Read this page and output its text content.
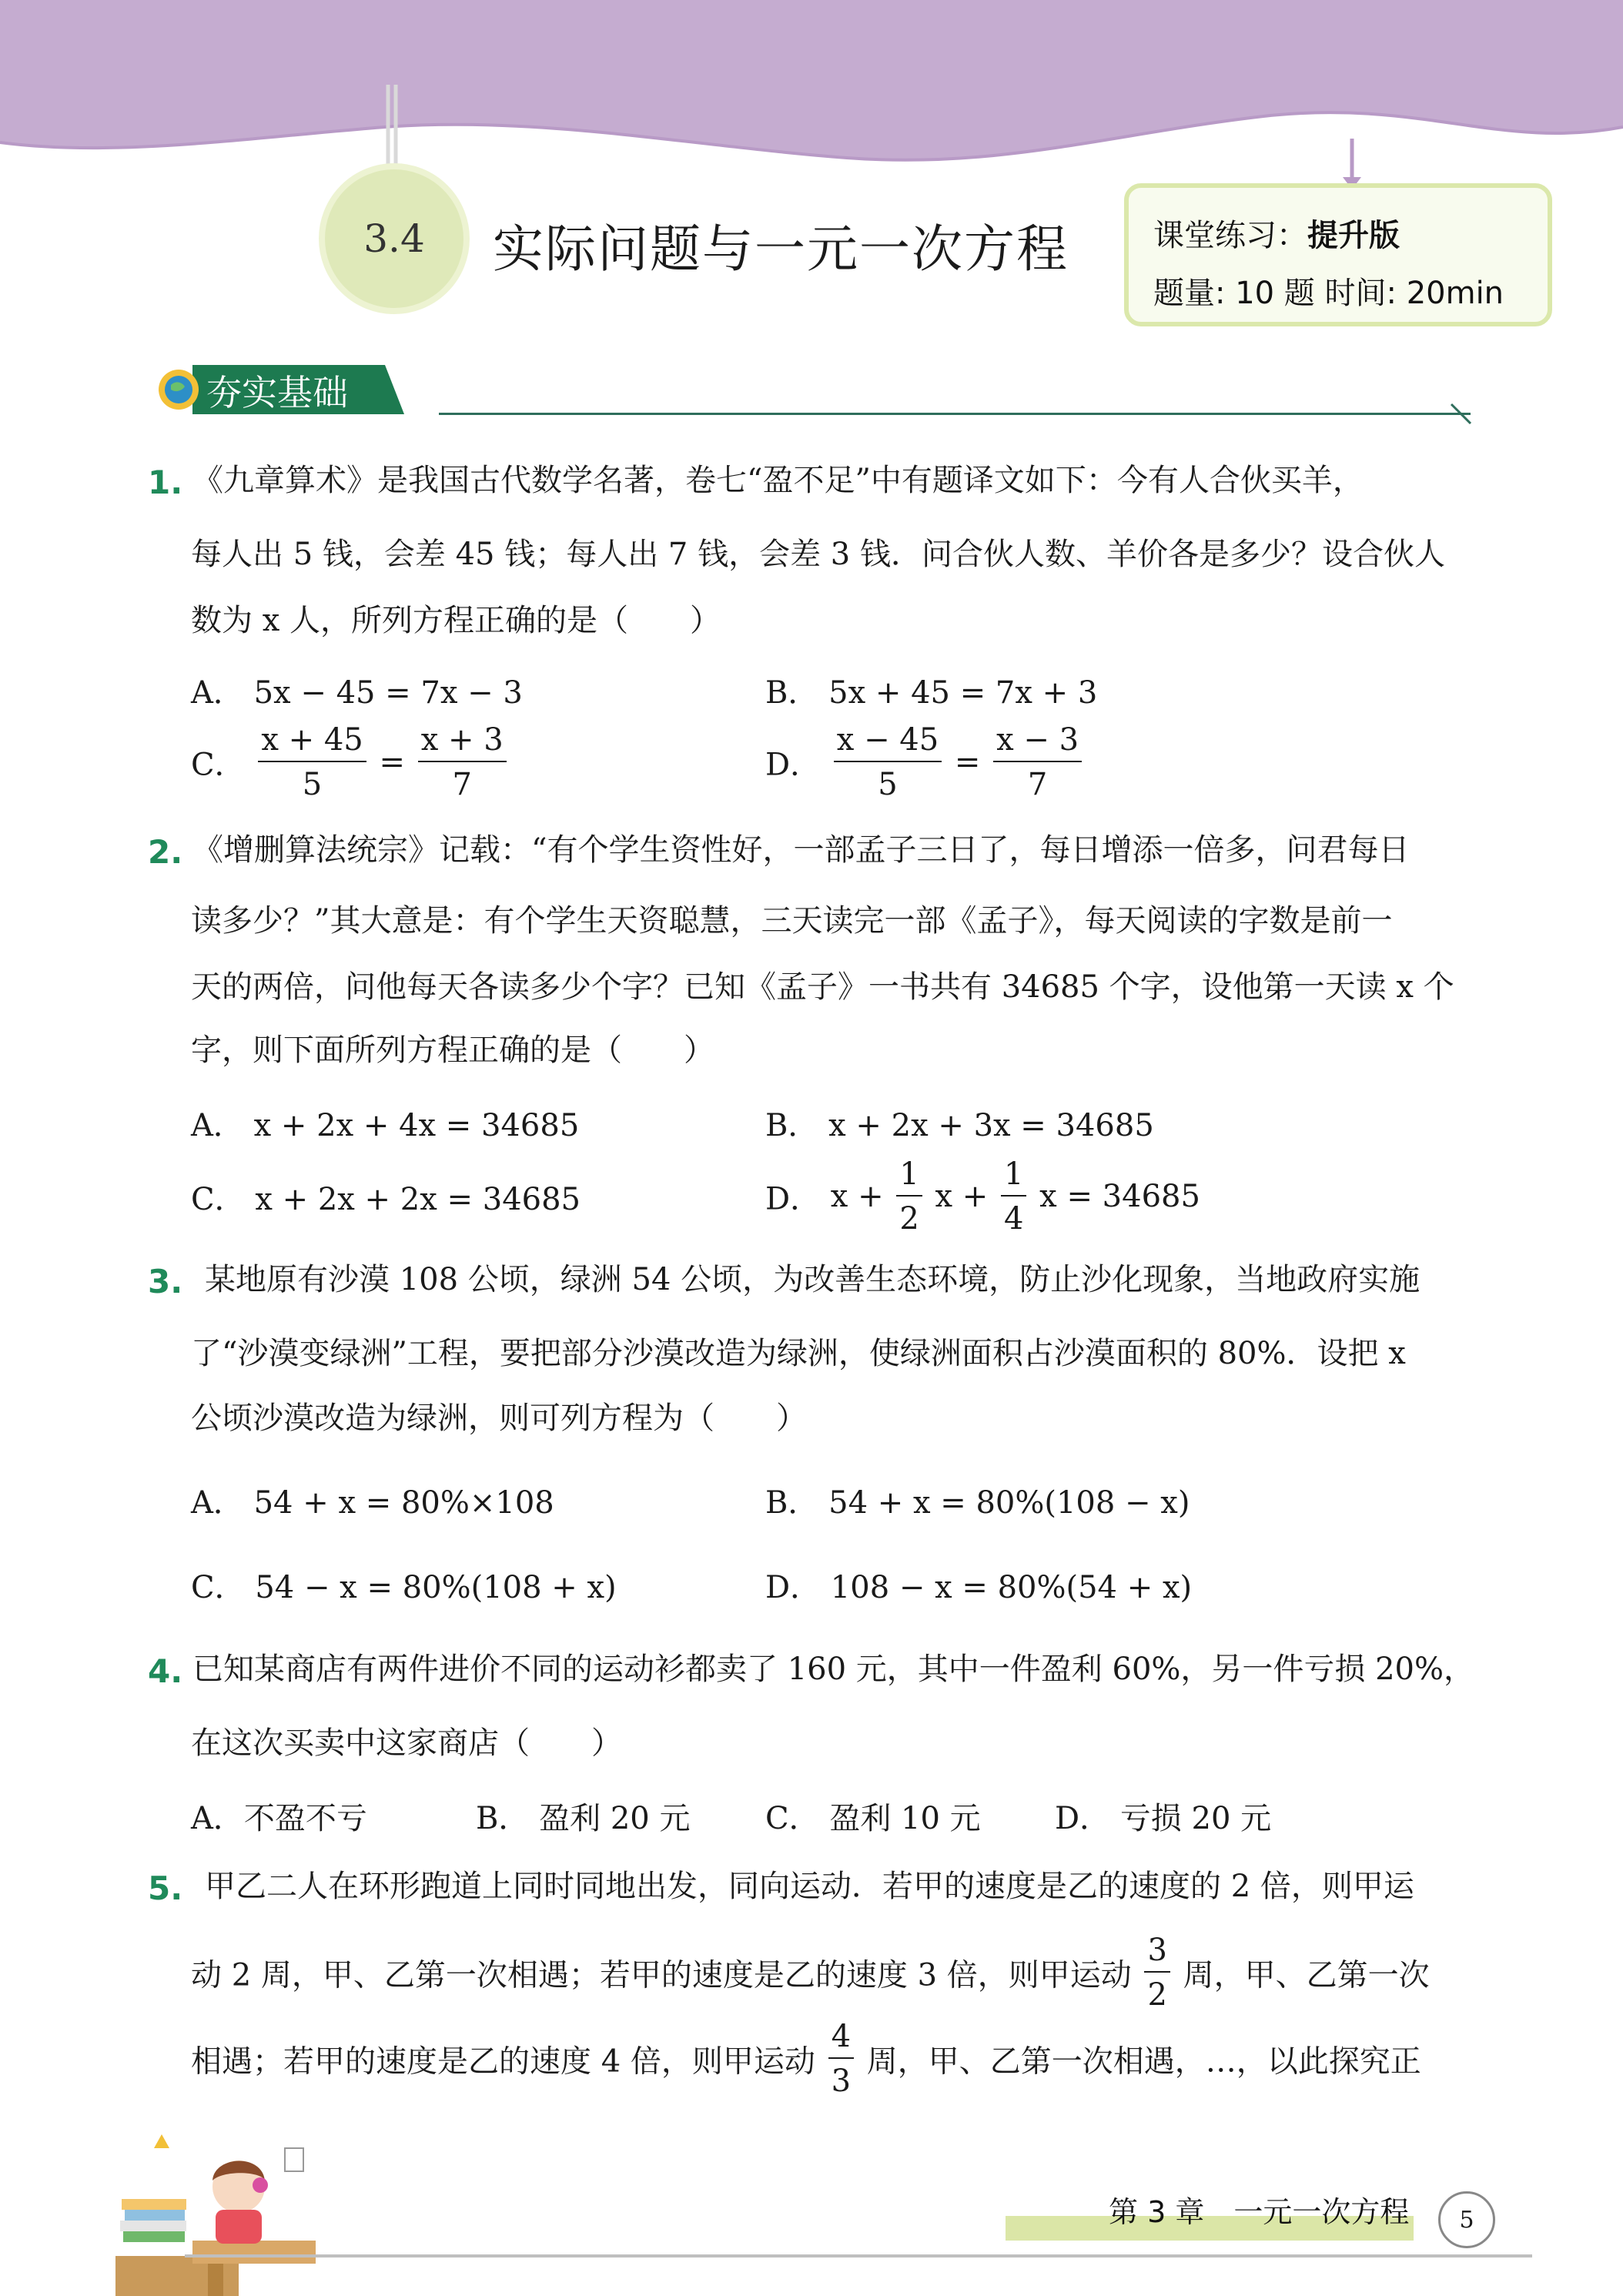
3.4 实际问题与一元一次方程	课堂练习：提升版
题量: 10 题 时间: 20min
夯实基础
1. 《九章算术》是我国古代数学名著，卷七“盈不足”中有题译文如下：今有人合伙买羊，
每人出 5 钱，会差 45 钱；每人出 7 钱，会差 3 钱．问合伙人数、羊价各是多少？设合伙人
数为 x 人，所列方程正确的是（　　）
A． 5x − 45 = 7x − 3	B． 5x + 45 = 7x + 3
C． $\frac{x + 45}{5} = \frac{x + 3}{7}$	D． $\frac{x - 45}{5} = \frac{x - 3}{7}$
2. 《增删算法统宗》记载：“有个学生资性好，一部孟子三日了，每日增添一倍多，问君每日
读多少？”其大意是：有个学生天资聪慧，三天读完一部《孟子》，每天阅读的字数是前一
天的两倍，问他每天各读多少个字？已知《孟子》一书共有 34685 个字，设他第一天读 x 个
字，则下面所列方程正确的是（　　）
A． x + 2x + 4x = 34685	B． x + 2x + 3x = 34685
C． x + 2x + 2x = 34685	D． $x + \frac{1}{2}$ $x + \frac{1}{4}$ x = 34685
3. 某地原有沙漠 108 公顷，绿洲 54 公顷，为改善生态环境，防止沙化现象，当地政府实施
了“沙漠变绿洲”工程，要把部分沙漠改造为绿洲，使绿洲面积占沙漠面积的 80%．设把 x
公顷沙漠改造为绿洲，则可列方程为（　　）
A． 54 + x = 80%×108	B． 54 + x = 80%(108 − x)
C． 54 − x = 80%(108 + x)	D． 108 − x = 80%(54 + x)
4. 已知某商店有两件进价不同的运动衫都卖了 160 元，其中一件盈利 60%，另一件亏损 20%，
在这次买卖中这家商店（　　）
A．不盈不亏	B． 盈利 20 元 C． 盈利 10 元 D． 亏损 20 元
5. 甲乙二人在环形跑道上同时同地出发，同向运动．若甲的速度是乙的速度的 2 倍，则甲运
动 2 周，甲、乙第一次相遇；若甲的速度是乙的速度 3 倍，则甲运动 $\frac{3}{2}$ 周，甲、乙第一次
相遇；若甲的速度是乙的速度 4 倍，则甲运动 $\frac{4}{3}$ 周，甲、乙第一次相遇，…，以此探究正
第 3 章　一元一次方程	5
